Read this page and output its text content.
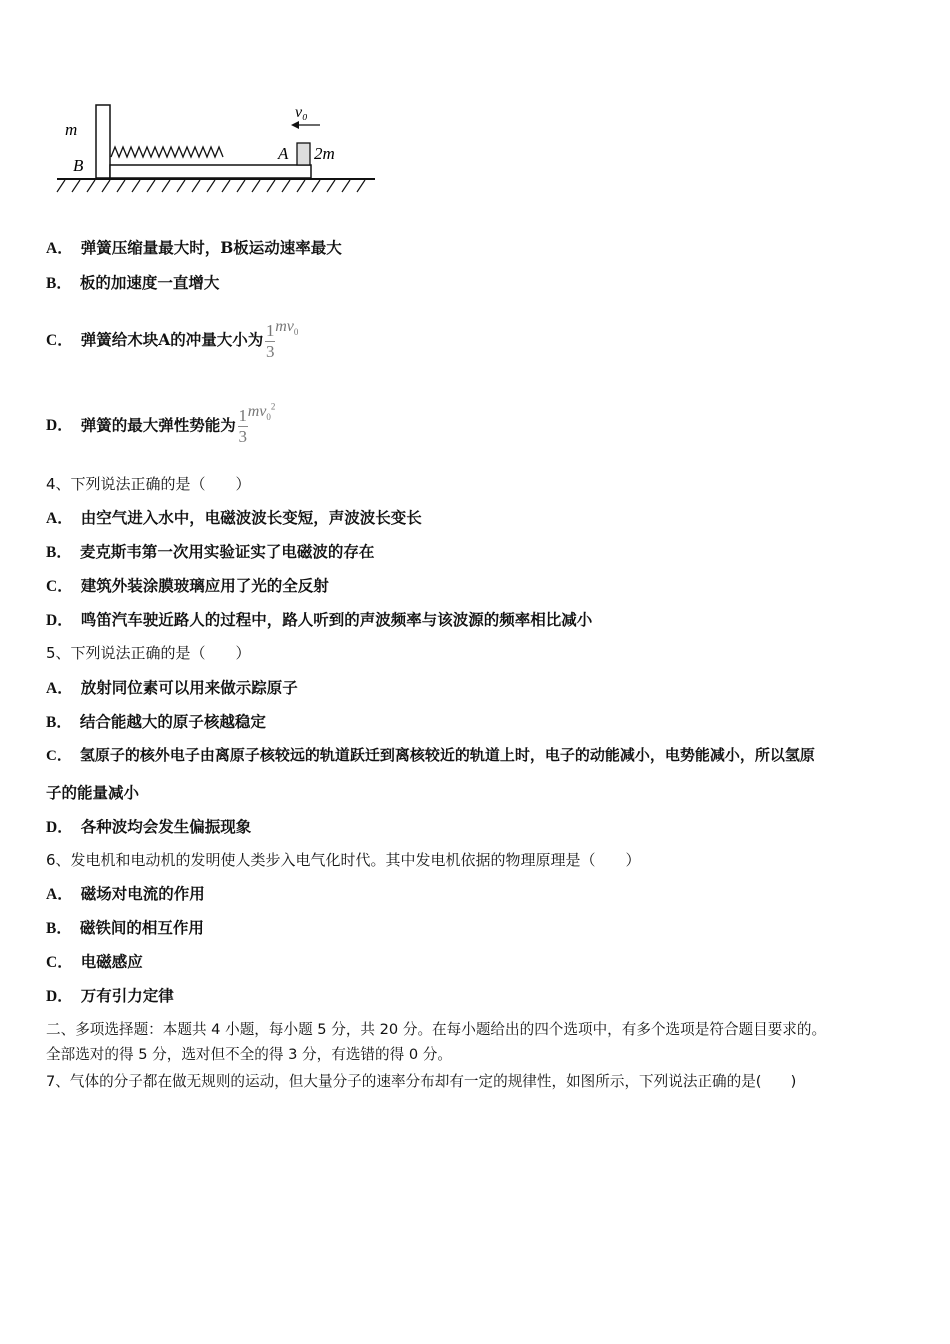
m
B
A 2m
v₀
A． 弹簧压缩量最大时，B板运动速率最大
B． 板的加速度一直增大
C． 弹簧给木块A的冲量大小为 $\frac{1}{3} mv_0$
D． 弹簧的最大弹性势能为 $\frac{1}{3} mv_0^2$
4、下列说法正确的是（　　）
A． 由空气进入水中，电磁波波长变短，声波波长变长
B． 麦克斯韦第一次用实验证实了电磁波的存在
C． 建筑外装涂膜玻璃应用了光的全反射
D． 鸣笛汽车驶近路人的过程中，路人听到的声波频率与该波源的频率相比减小
5、下列说法正确的是（　　）
A． 放射同位素可以用来做示踪原子
B． 结合能越大的原子核越稳定
C． 氢原子的核外电子由离原子核较远的轨道跃迁到离核较近的轨道上时，电子的动能减小，电势能减小，所以氢原
子的能量减小
D． 各种波均会发生偏振现象
6、发电机和电动机的发明使人类步入电气化时代。其中发电机依据的物理原理是（　　）
A． 磁场对电流的作用
B． 磁铁间的相互作用
C． 电磁感应
D． 万有引力定律
二、多项选择题：本题共 4 小题，每小题 5 分，共 20 分。在每小题给出的四个选项中，有多个选项是符合题目要求的。
全部选对的得 5 分，选对但不全的得 3 分，有选错的得 0 分。
7、气体的分子都在做无规则的运动，但大量分子的速率分布却有一定的规律性，如图所示，下列说法正确的是(　　)
